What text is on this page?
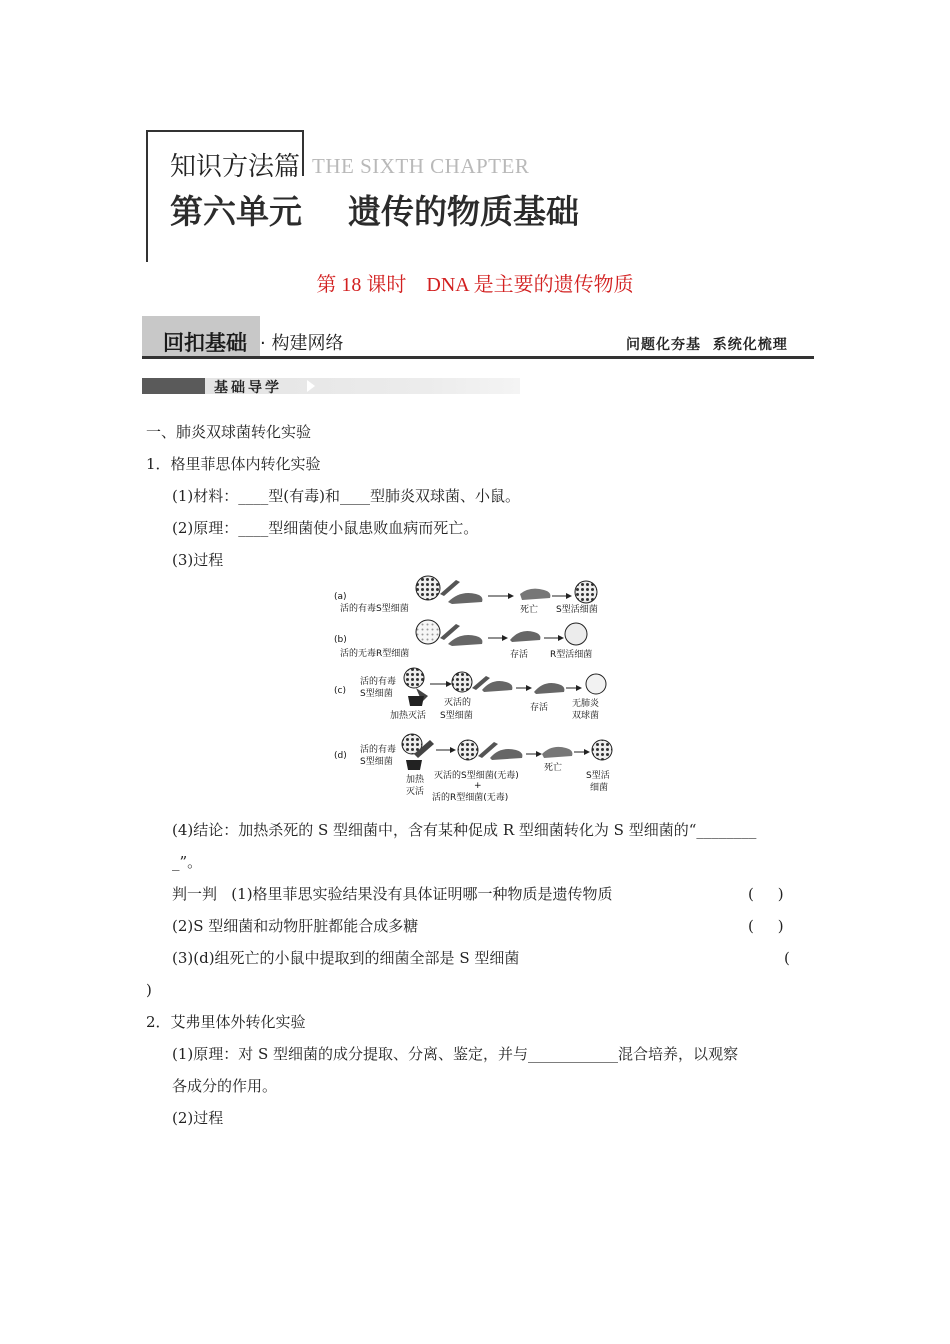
知识方法篇 THE SIXTH CHAPTER
第六单元    遗传的物质基础
第 18 课时    DNA 是主要的遗传物质
回扣基础 · 构建网络	问题化夯基  系统化梳理
基础导学
一、肺炎双球菌转化实验
1．格里菲思体内转化实验
(1)材料：____型(有毒)和____型肺炎双球菌、小鼠。
(2)原理：____型细菌使小鼠患败血病而死亡。
(3)过程
(a)
活的有毒S型细菌	死亡 S型活细菌
(b)
活的无毒R型细菌	存活 R型活细菌
(c)
活的有毒
S型细菌
加热灭活
灭活的
S型细菌
存活	无肺炎
双球菌
(d)
活的有毒
S型细菌
加热
灭活
灭活的S型细菌(无毒)
+
活的R型细菌(无毒)
死亡
S型活
细菌
(4)结论：加热杀死的 S 型细菌中，含有某种促成 R 型细菌转化为 S 型细菌的“________
_”。
判一判   (1)格里菲思实验结果没有具体证明哪一种物质是遗传物质	(     )
(2)S 型细菌和动物肝脏都能合成多糖	(     )
(3)(d)组死亡的小鼠中提取到的细菌全部是 S 型细菌	(
)
2．艾弗里体外转化实验
(1)原理：对 S 型细菌的成分提取、分离、鉴定，并与____________混合培养，以观察
各成分的作用。
(2)过程
